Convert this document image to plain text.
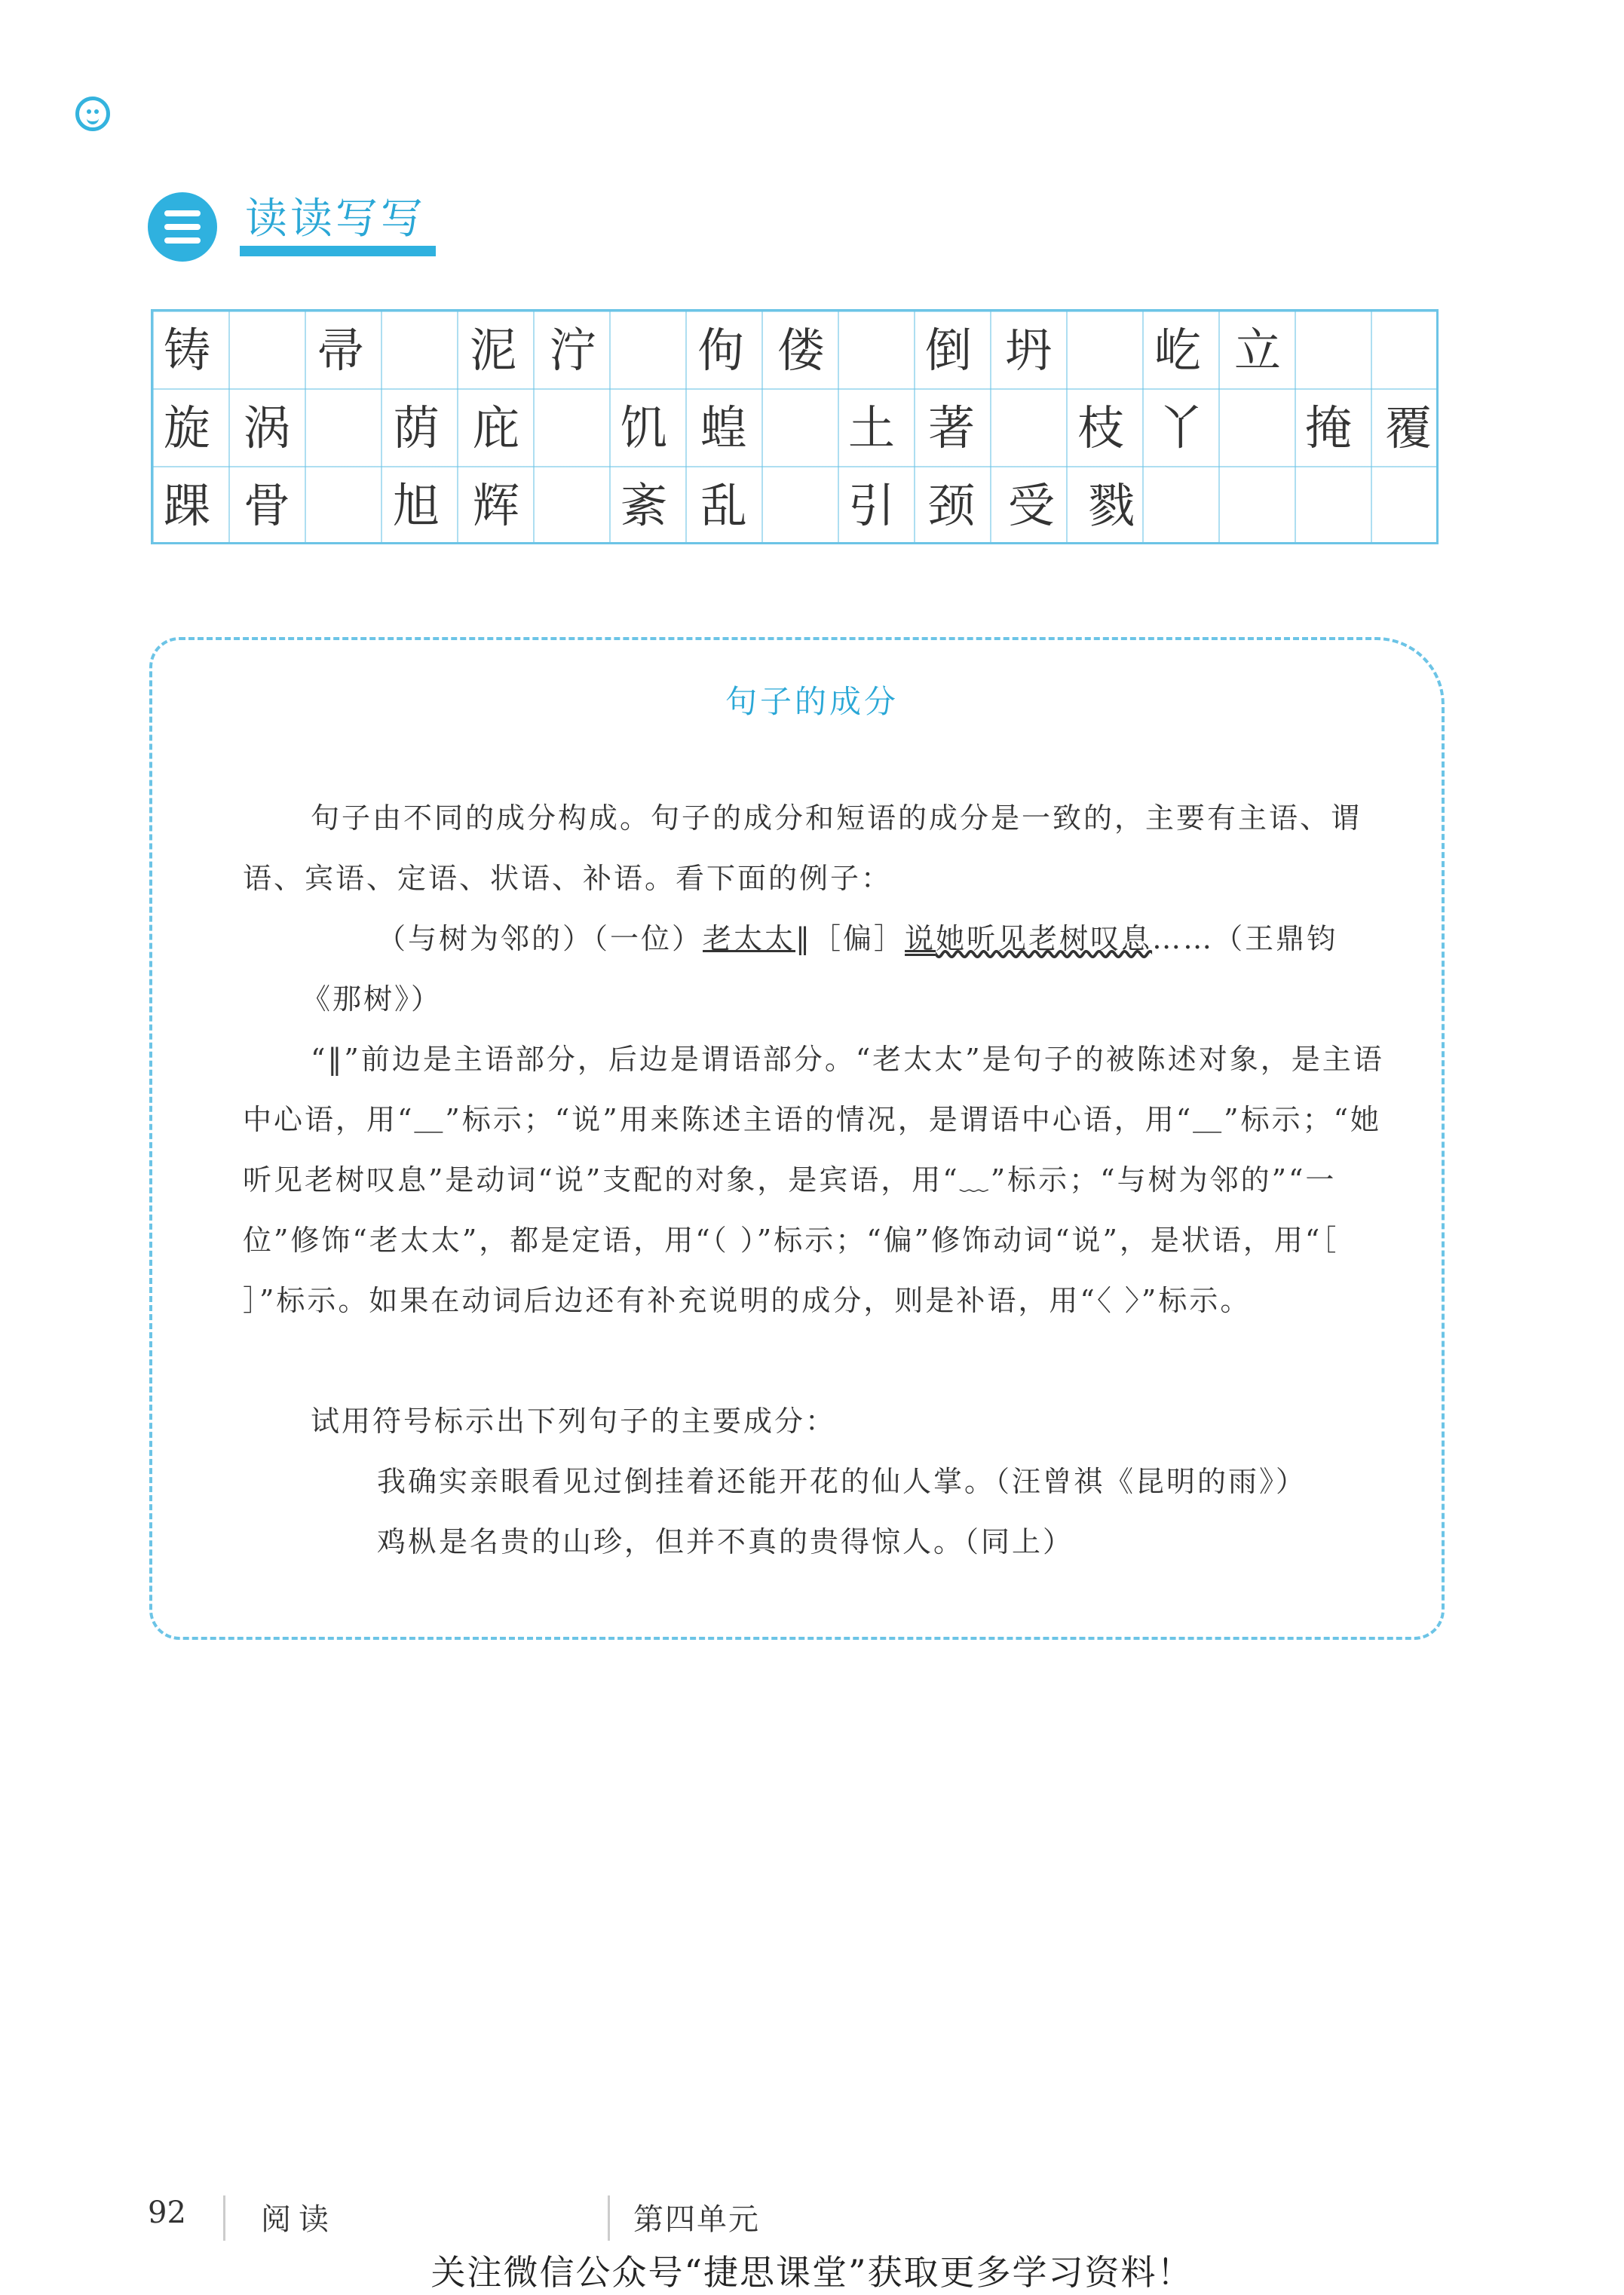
读读写写
铸 帚 泥泞 佝偻 倒坍 屹立
旋涡 荫庇 饥蝗 土著 枝丫 掩覆
踝骨 旭辉 紊乱 引颈受戮
句子的成分
句子由不同的成分构成。句子的成分和短语的成分是一致的，主要有主语、谓语、宾语、定语、状语、补语。看下面的例子：
（与树为邻的）（一位）老太太‖［偏］说她听见老树叹息……（王鼎钧
《那树》）
“‖”前边是主语部分，后边是谓语部分。“老太太”是句子的被陈述对象，是主语中心语，用“＿”标示；“说”用来陈述主语的情况，是谓语中心语，用“＿”标示；“她听见老树叹息”是动词“说”支配的对象，是宾语，用“﹏”标示；“与树为邻的”“一位”修饰“老太太”，都是定语，用“（ ）”标示；“偏”修饰动词“说”，是状语，用“［ ］”标示。如果在动词后边还有补充说明的成分，则是补语，用“〈 〉”标示。
试用符号标示出下列句子的主要成分：
我确实亲眼看见过倒挂着还能开花的仙人掌。（汪曾祺《昆明的雨》）
鸡枞是名贵的山珍，但并不真的贵得惊人。（同上）
92 阅读	第四单元
关注微信公众号“捷思课堂”获取更多学习资料！
